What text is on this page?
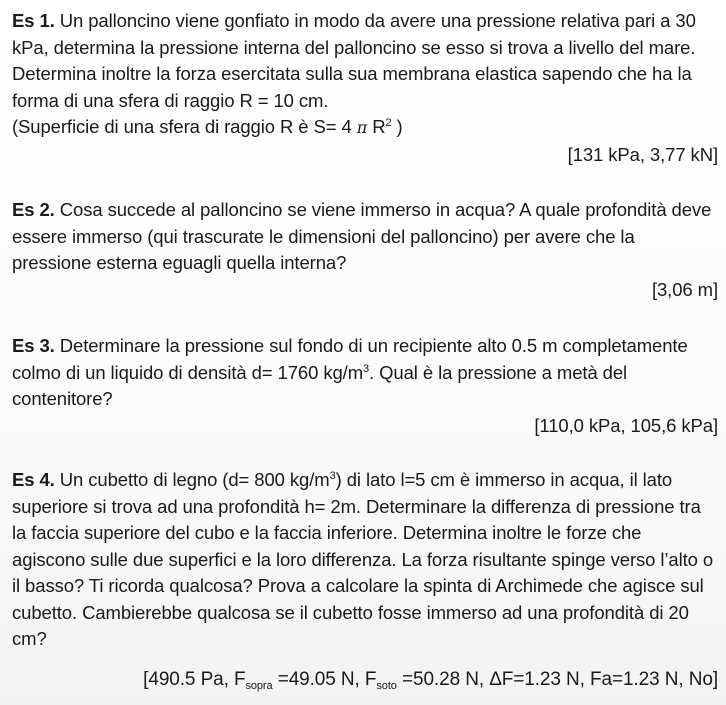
Es 1. Un palloncino viene gonfiato in modo da avere una pressione relativa pari a 30 kPa, determina la pressione interna del palloncino se esso si trova a livello del mare. Determina inoltre la forza esercitata sulla sua membrana elastica sapendo che ha la forma di una sfera di raggio R = 10 cm.

(Superficie di una sfera di raggio R è S= 4 π $R^2$ )

[131 kPa, 3,77 kN]

Es 2. Cosa succede al palloncino se viene immerso in acqua? A quale profondità deve essere immerso (qui trascurate le dimensioni del palloncino) per avere che la pressione esterna eguagli quella interna?

[3,06 m]

Es 3. Determinare la pressione sul fondo di un recipiente alto 0.5 m completamente colmo di un liquido di densità d= 1760 $kg/m^3$. Qual è la pressione a metà del contenitore?

[110,0 kPa, 105,6 kPa]

Es 4. Un cubetto di legno (d= 800 $kg/m^3$) di lato l=5 cm è immerso in acqua, il lato superiore si trova ad una profondità h= 2m. Determinare la differenza di pressione tra la faccia superiore del cubo e la faccia inferiore. Determina inoltre le forze che agiscono sulle due superfici e la loro differenza. La forza risultante spinge verso l’alto o il basso? Ti ricorda qualcosa? Prova a calcolare la spinta di Archimede che agisce sul cubetto. Cambierebbe qualcosa se il cubetto fosse immerso ad una profondità di 20 cm?

[490.5 Pa, $F_{sopra} =49.05$ N, $F_{soto} =50.28$ N, ΔF=1.23 N, Fa=1.23 N, No]
